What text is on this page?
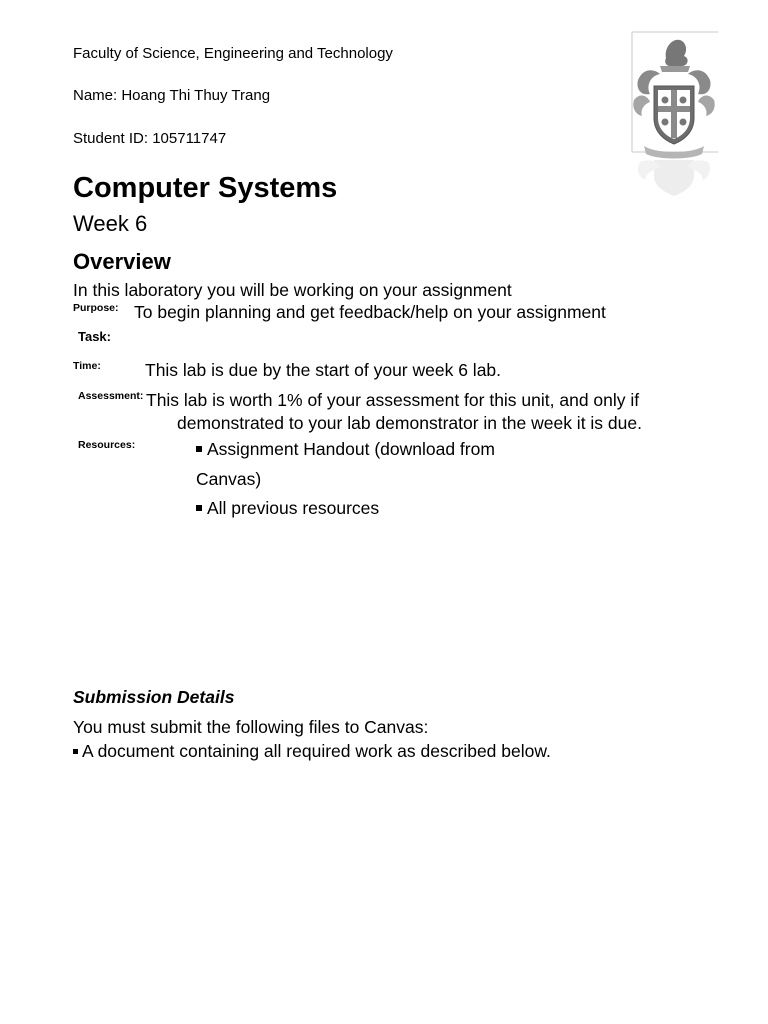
Faculty of Science, Engineering and Technology
Name: Hoang Thi Thuy Trang
Student ID: 105711747
Computer Systems
Week 6
Overview
In this laboratory you will be working on your assignment
Purpose: To begin planning and get feedback/help on your assignment
Task:
Time:	This lab is due by the start of your week 6 lab.
Assessment: This lab is worth 1% of your assessment for this unit, and only if
demonstrated to your lab demonstrator in the week it is due.
Resources:	Assignment Handout (download from
Canvas)
All previous resources
Submission Details
You must submit the following files to Canvas:
A document containing all required work as described below.
